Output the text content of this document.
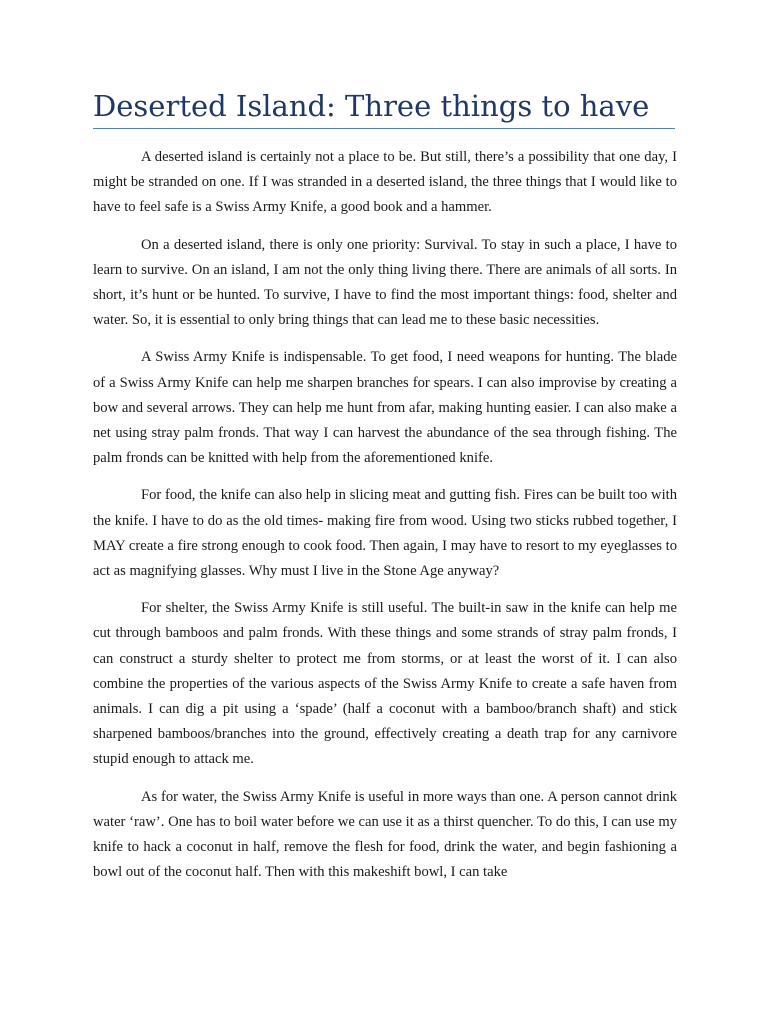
Deserted Island: Three things to have

A deserted island is certainly not a place to be. But still, there’s a possibility that one day, I might be stranded on one. If I was stranded in a deserted island, the three things that I would like to have to feel safe is a Swiss Army Knife, a good book and a hammer.

On a deserted island, there is only one priority: Survival. To stay in such a place, I have to learn to survive. On an island, I am not the only thing living there. There are animals of all sorts. In short, it’s hunt or be hunted. To survive, I have to find the most important things: food, shelter and water. So, it is essential to only bring things that can lead me to these basic necessities.

A Swiss Army Knife is indispensable. To get food, I need weapons for hunting. The blade of a Swiss Army Knife can help me sharpen branches for spears. I can also improvise by creating a bow and several arrows. They can help me hunt from afar, making hunting easier. I can also make a net using stray palm fronds. That way I can harvest the abundance of the sea through fishing. The palm fronds can be knitted with help from the aforementioned knife.

For food, the knife can also help in slicing meat and gutting fish. Fires can be built too with the knife. I have to do as the old times- making fire from wood. Using two sticks rubbed together, I MAY create a fire strong enough to cook food. Then again, I may have to resort to my eyeglasses to act as magnifying glasses. Why must I live in the Stone Age anyway?

For shelter, the Swiss Army Knife is still useful. The built-in saw in the knife can help me cut through bamboos and palm fronds. With these things and some strands of stray palm fronds, I can construct a sturdy shelter to protect me from storms, or at least the worst of it. I can also combine the properties of the various aspects of the Swiss Army Knife to create a safe haven from animals. I can dig a pit using a ‘spade’ (half a coconut with a bamboo/branch shaft) and stick sharpened bamboos/branches into the ground, effectively creating a death trap for any carnivore stupid enough to attack me.

As for water, the Swiss Army Knife is useful in more ways than one. A person cannot drink water ‘raw’. One has to boil water before we can use it as a thirst quencher. To do this, I can use my knife to hack a coconut in half, remove the flesh for food, drink the water, and begin fashioning a bowl out of the coconut half. Then with this makeshift bowl, I can take
